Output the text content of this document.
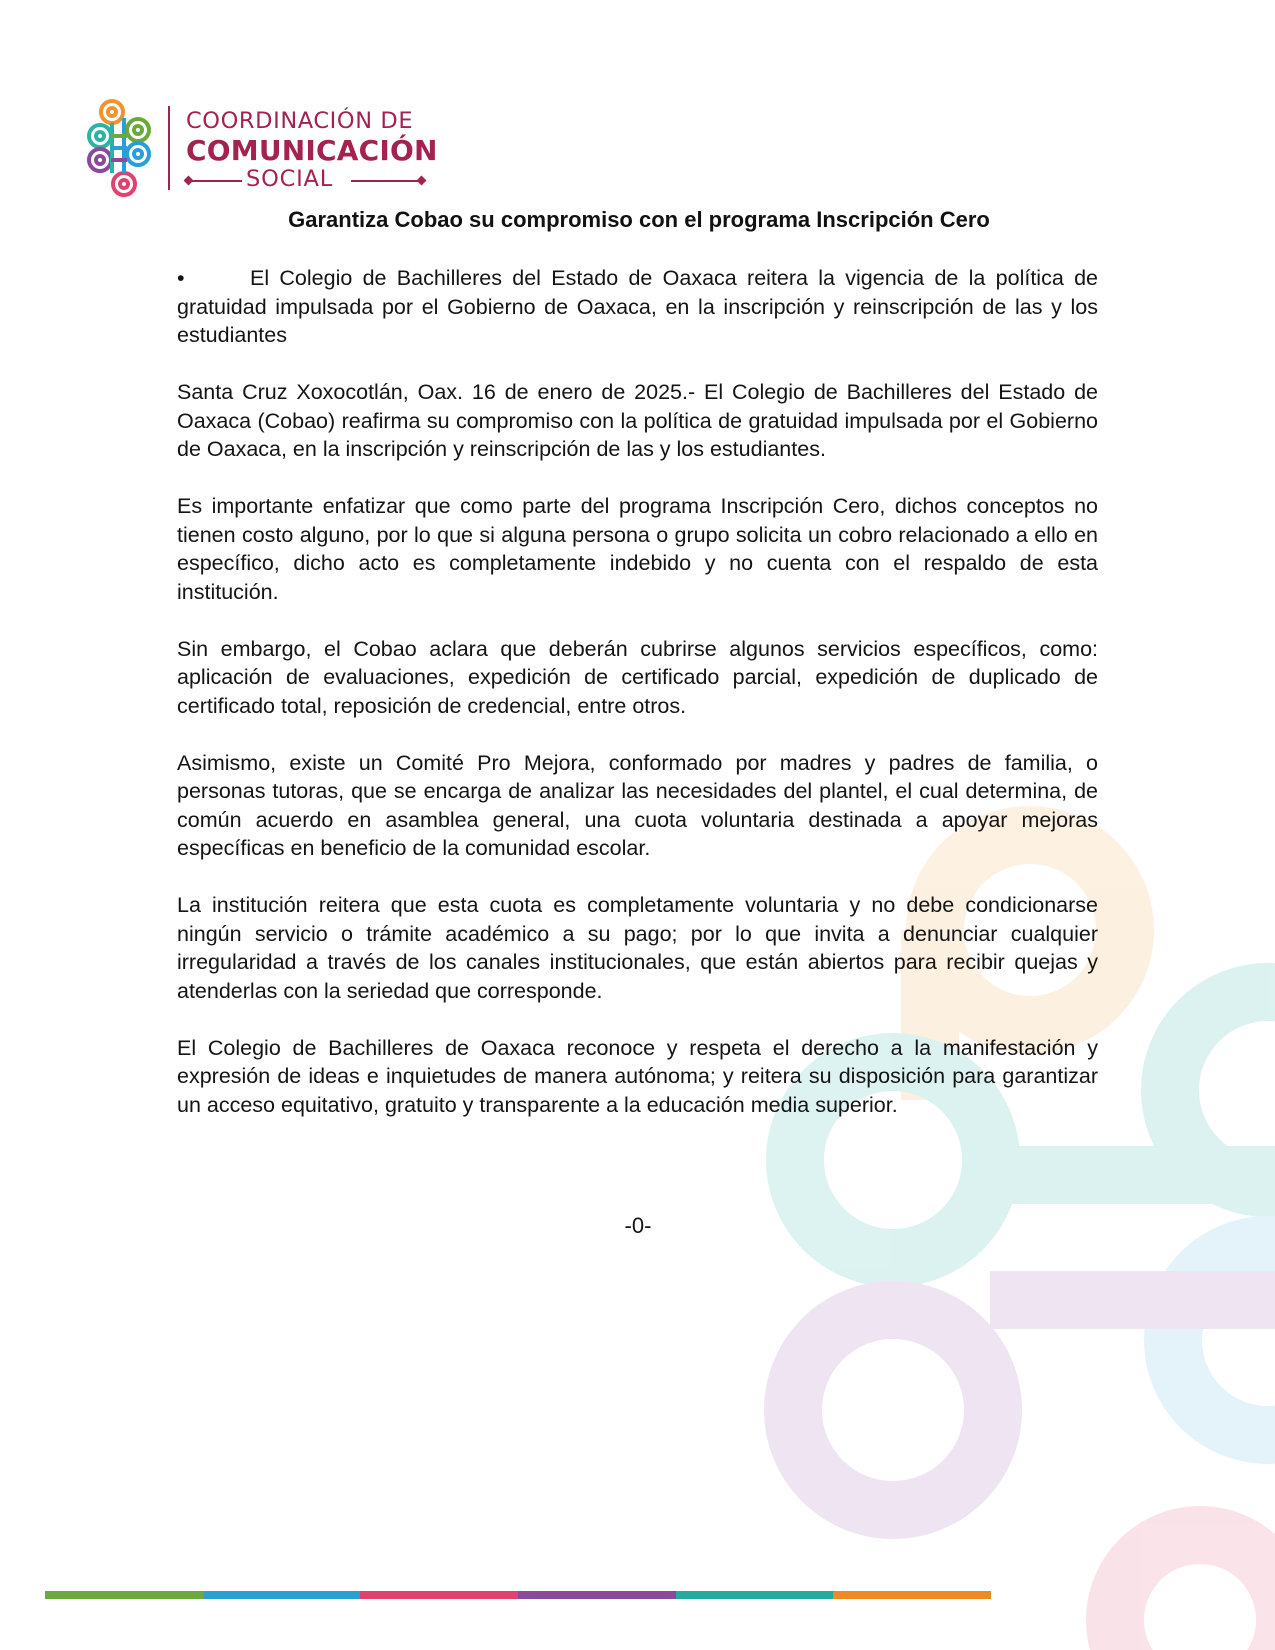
COORDINACIÓN DE
COMUNICACIÓN
SOCIAL
Garantiza Cobao su compromiso con el programa Inscripción Cero

•	El Colegio de Bachilleres del Estado de Oaxaca reitera la vigencia de la política de gratuidad impulsada por el Gobierno de Oaxaca, en la inscripción y reinscripción de las y los estudiantes

Santa Cruz Xoxocotlán, Oax. 16 de enero de 2025.- El Colegio de Bachilleres del Estado de Oaxaca (Cobao) reafirma su compromiso con la política de gratuidad impulsada por el Gobierno de Oaxaca, en la inscripción y reinscripción de las y los estudiantes.

Es importante enfatizar que como parte del programa Inscripción Cero, dichos conceptos no tienen costo alguno, por lo que si alguna persona o grupo solicita un cobro relacionado a ello en específico, dicho acto es completamente indebido y no cuenta con el respaldo de esta institución.

Sin embargo, el Cobao aclara que deberán cubrirse algunos servicios específicos, como: aplicación de evaluaciones, expedición de certificado parcial, expedición de duplicado de certificado total, reposición de credencial, entre otros.

Asimismo, existe un Comité Pro Mejora, conformado por madres y padres de familia, o personas tutoras, que se encarga de analizar las necesidades del plantel, el cual determina, de común acuerdo en asamblea general, una cuota voluntaria destinada a apoyar mejoras específicas en beneficio de la comunidad escolar.

La institución reitera que esta cuota es completamente voluntaria y no debe condicionarse ningún servicio o trámite académico a su pago; por lo que invita a denunciar cualquier irregularidad a través de los canales institucionales, que están abiertos para recibir quejas y atenderlas con la seriedad que corresponde.

El Colegio de Bachilleres de Oaxaca reconoce y respeta el derecho a la manifestación y expresión de ideas e inquietudes de manera autónoma; y reitera su disposición para garantizar un acceso equitativo, gratuito y transparente a la educación media superior.

-0-
